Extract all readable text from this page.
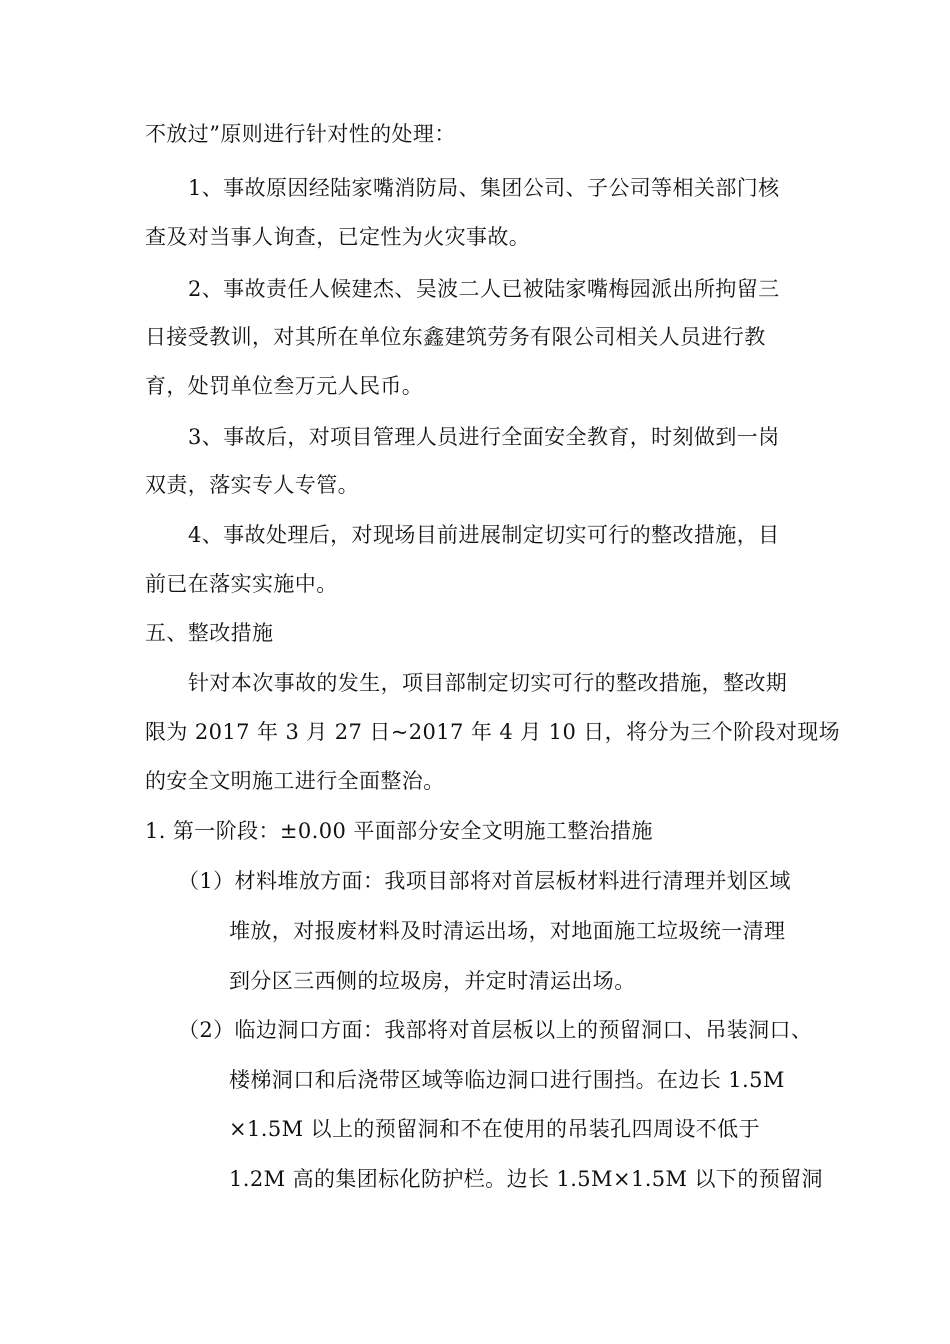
不放过”原则进行针对性的处理：
1、事故原因经陆家嘴消防局、集团公司、子公司等相关部门核
查及对当事人询查，已定性为火灾事故。
2、事故责任人候建杰、吴波二人已被陆家嘴梅园派出所拘留三
日接受教训，对其所在单位东鑫建筑劳务有限公司相关人员进行教
育，处罚单位叁万元人民币。
3、事故后，对项目管理人员进行全面安全教育，时刻做到一岗
双责，落实专人专管。
4、事故处理后，对现场目前进展制定切实可行的整改措施，目
前已在落实实施中。
五、整改措施
针对本次事故的发生，项目部制定切实可行的整改措施，整改期
限为 2017 年 3 月 27 日~2017 年 4 月 10 日，将分为三个阶段对现场
的安全文明施工进行全面整治。
1. 第一阶段：±0.00 平面部分安全文明施工整治措施
（1）材料堆放方面：我项目部将对首层板材料进行清理并划区域
堆放，对报废材料及时清运出场，对地面施工垃圾统一清理
到分区三西侧的垃圾房，并定时清运出场。
（2）临边洞口方面：我部将对首层板以上的预留洞口、吊装洞口、
楼梯洞口和后浇带区域等临边洞口进行围挡。在边长 1.5M
×1.5M 以上的预留洞和不在使用的吊装孔四周设不低于
1.2M 高的集团标化防护栏。边长 1.5M×1.5M 以下的预留洞
